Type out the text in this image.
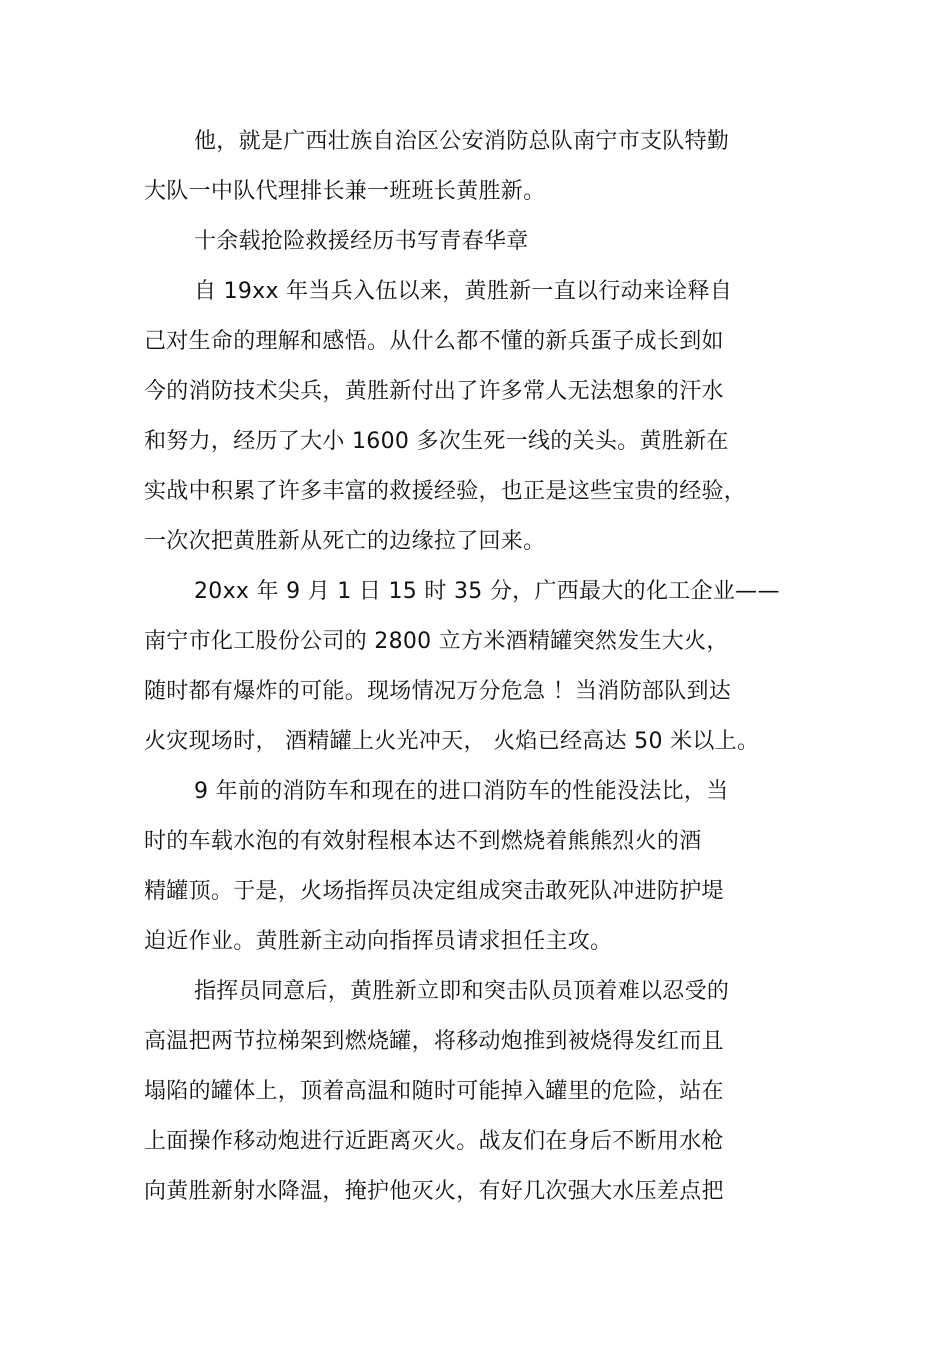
他，就是广西壮族自治区公安消防总队南宁市支队特勤
大队一中队代理排长兼一班班长黄胜新。
十余载抢险救援经历书写青春华章
自 19xx 年当兵入伍以来，黄胜新一直以行动来诠释自
己对生命的理解和感悟。从什么都不懂的新兵蛋子成长到如
今的消防技术尖兵，黄胜新付出了许多常人无法想象的汗水
和努力，经历了大小 1600 多次生死一线的关头。黄胜新在
实战中积累了许多丰富的救援经验，也正是这些宝贵的经验，
一次次把黄胜新从死亡的边缘拉了回来。
20xx 年 9 月 1 日 15 时 35 分，广西最大的化工企业——
南宁市化工股份公司的 2800 立方米酒精罐突然发生大火，
随时都有爆炸的可能。现场情况万分危急 ！当消防部队到达
火灾现场时， 酒精罐上火光冲天， 火焰已经高达 50 米以上。
9 年前的消防车和现在的进口消防车的性能没法比，当
时的车载水泡的有效射程根本达不到燃烧着熊熊烈火的酒
精罐顶。于是，火场指挥员决定组成突击敢死队冲进防护堤
迫近作业。黄胜新主动向指挥员请求担任主攻。
指挥员同意后，黄胜新立即和突击队员顶着难以忍受的
高温把两节拉梯架到燃烧罐，将移动炮推到被烧得发红而且
塌陷的罐体上，顶着高温和随时可能掉入罐里的危险，站在
上面操作移动炮进行近距离灭火。战友们在身后不断用水枪
向黄胜新射水降温，掩护他灭火，有好几次强大水压差点把
